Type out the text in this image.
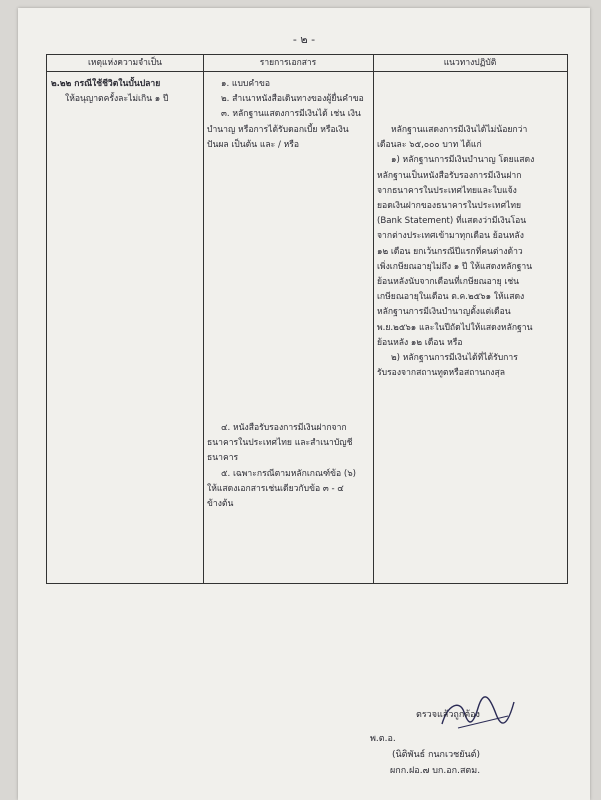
- ๒ -
เหตุแห่งความจำเป็น	รายการเอกสาร	แนวทางปฏิบัติ
๒.๒๒ กรณีใช้ชีวิตในบั้นปลาย
ให้อนุญาตครั้งละไม่เกิน ๑ ปี
๑. แบบคำขอ
๒. สำเนาหนังสือเดินทางของผู้ยื่นคำขอ
๓. หลักฐานแสดงการมีเงินได้ เช่น เงิน
บำนาญ หรือการได้รับดอกเบี้ย หรือเงิน
ปันผล เป็นต้น และ / หรือ
๔. หนังสือรับรองการมีเงินฝากจาก
ธนาคารในประเทศไทย และสำเนาบัญชี
ธนาคาร
๕. เฉพาะกรณีตามหลักเกณฑ์ข้อ (๖)
ให้แสดงเอกสารเช่นเดียวกับข้อ ๓ - ๔
ข้างต้น
หลักฐานแสดงการมีเงินได้ไม่น้อยกว่า
เดือนละ ๖๕,๐๐๐ บาท ได้แก่
๑) หลักฐานการมีเงินบำนาญ โดยแสดง
หลักฐานเป็นหนังสือรับรองการมีเงินฝาก
จากธนาคารในประเทศไทยและใบแจ้ง
ยอดเงินฝากของธนาคารในประเทศไทย
(Bank Statement) ที่แสดงว่ามีเงินโอน
จากต่างประเทศเข้ามาทุกเดือน ย้อนหลัง
๑๒ เดือน ยกเว้นกรณีปีแรกที่คนต่างด้าว
เพิ่งเกษียณอายุไม่ถึง ๑ ปี ให้แสดงหลักฐาน
ย้อนหลังนับจากเดือนที่เกษียณอายุ เช่น
เกษียณอายุในเดือน ต.ค.๒๕๖๑ ให้แสดง
หลักฐานการมีเงินบำนาญตั้งแต่เดือน
พ.ย.๒๕๖๑ และในปีถัดไปให้แสดงหลักฐาน
ย้อนหลัง ๑๒ เดือน หรือ
๒) หลักฐานการมีเงินได้ที่ได้รับการ
รับรองจากสถานทูตหรือสถานกงสุล
ตรวจแล้วถูกต้อง
พ.ต.อ.
(นิติพันธ์ กนกเวชยันต์)
ผกก.ฝอ.๗ บก.อก.สตม.
